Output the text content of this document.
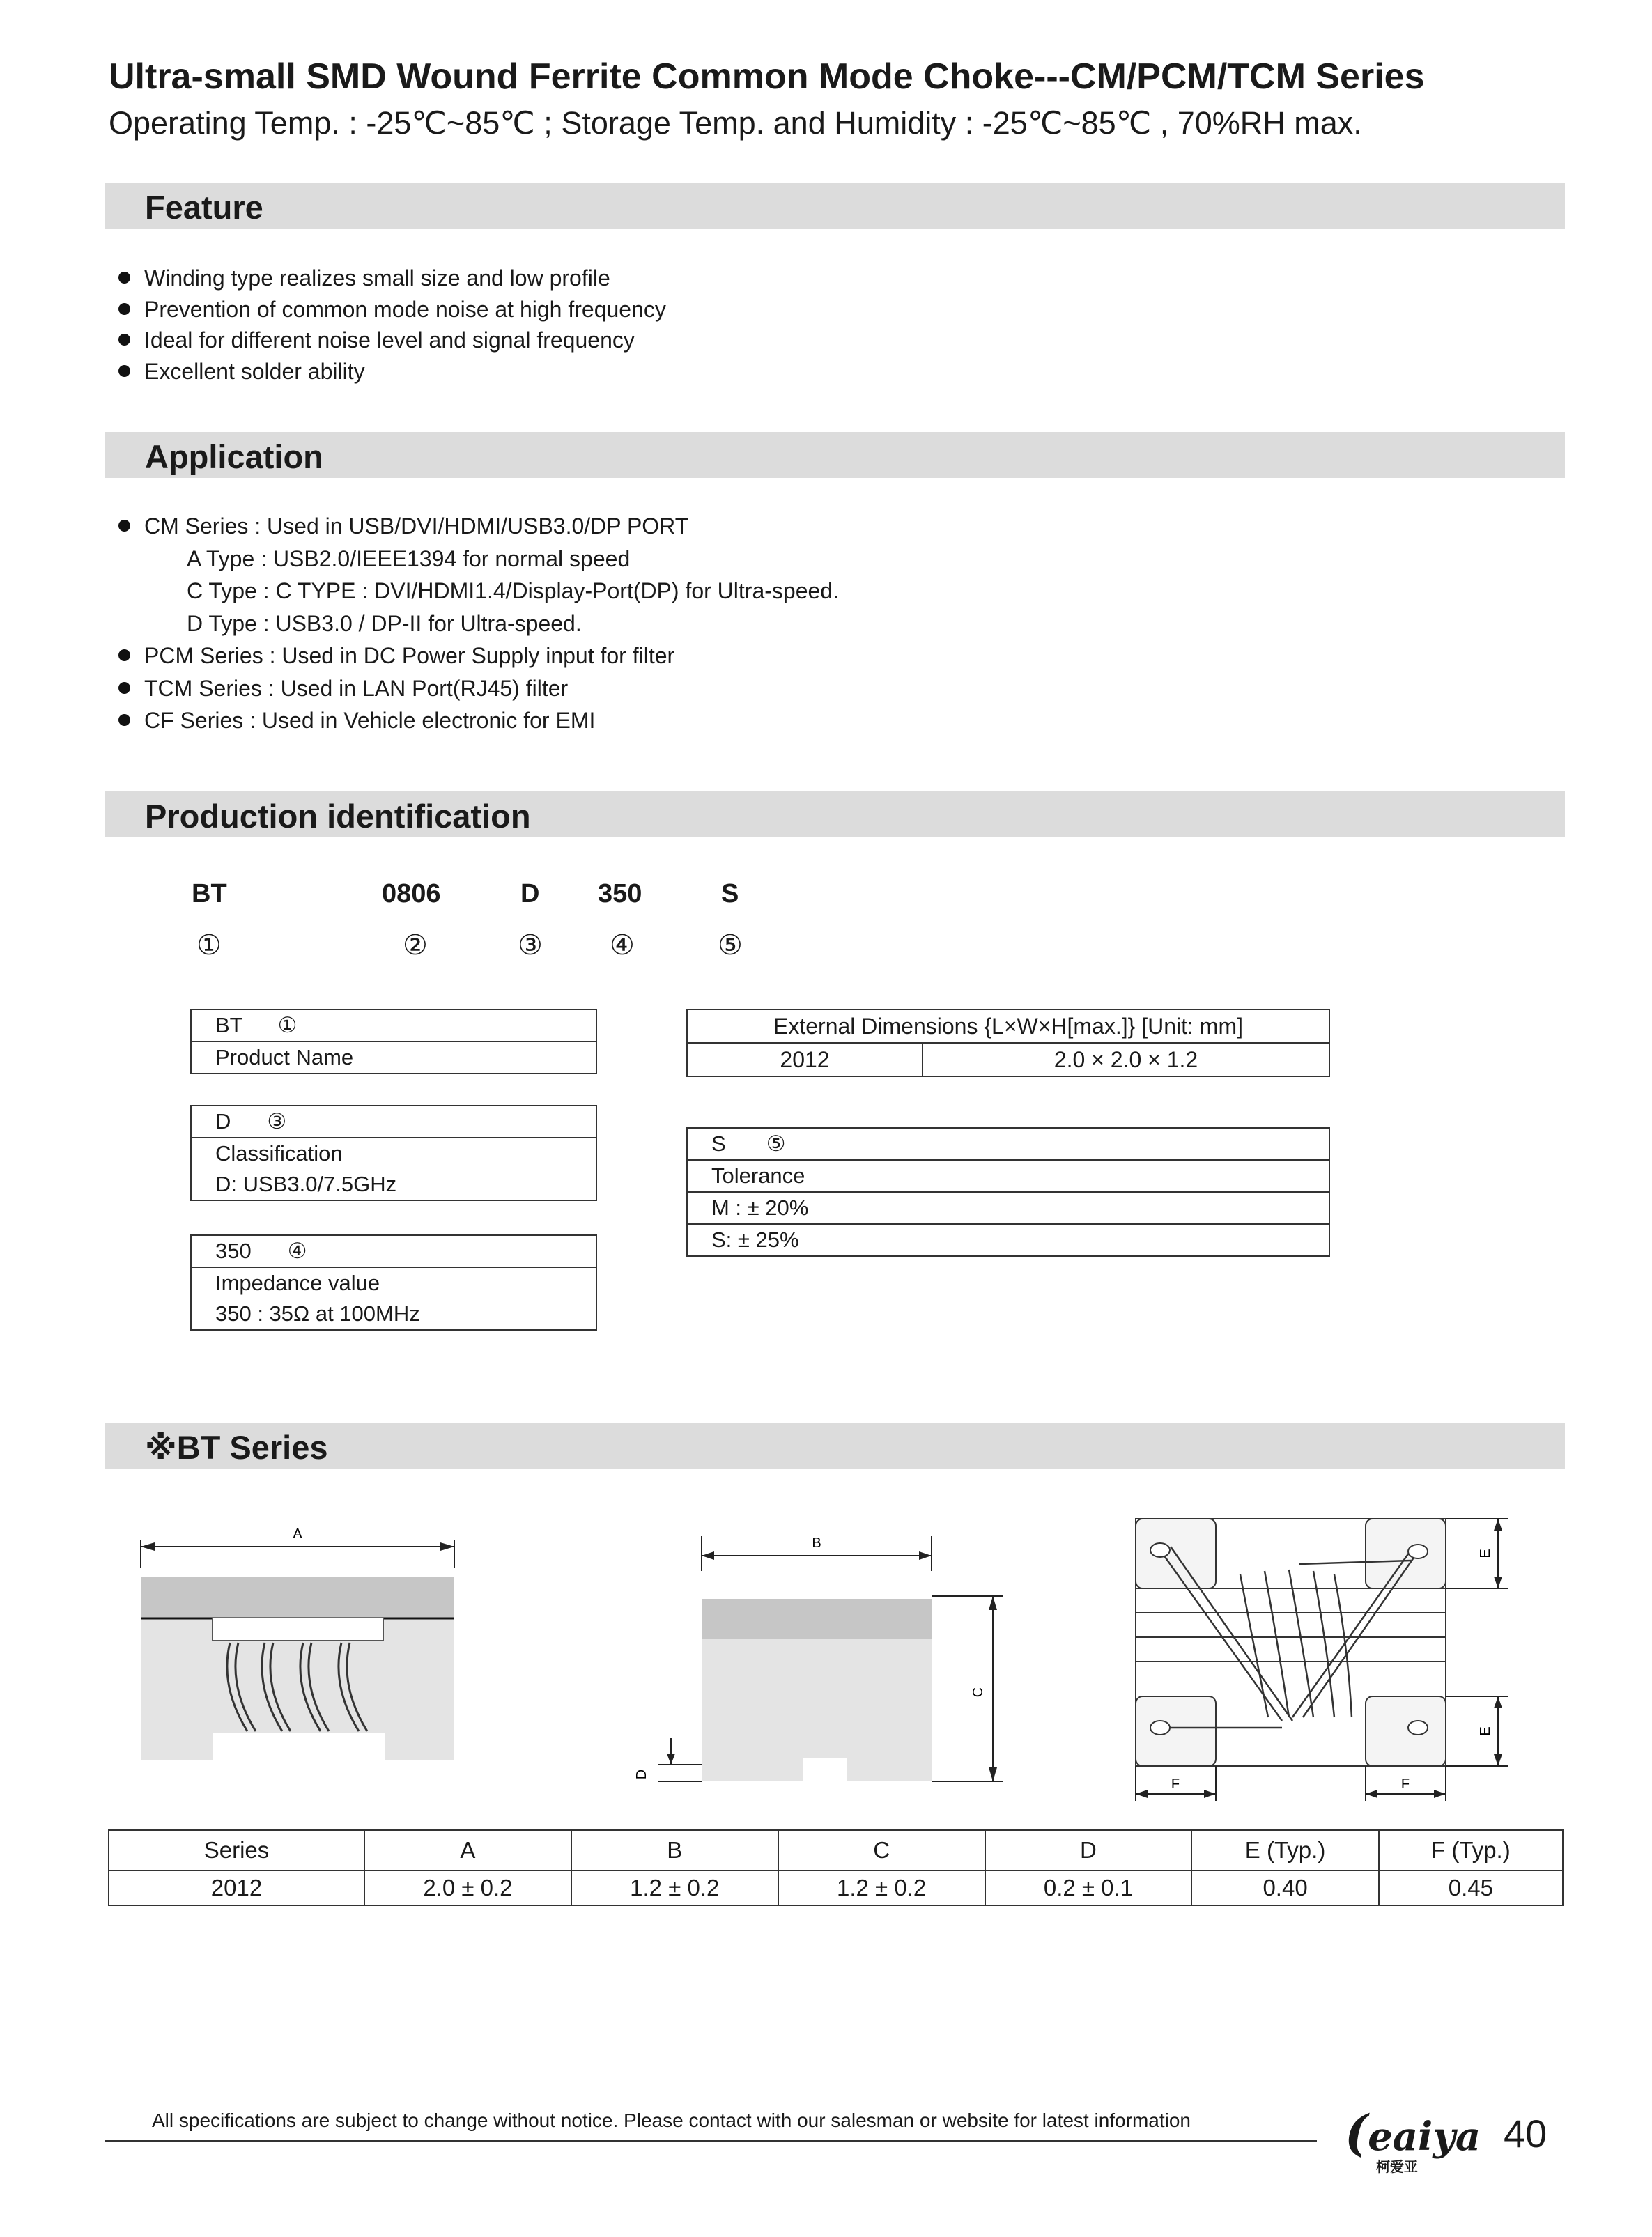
Ultra-small SMD Wound Ferrite Common Mode Choke---CM/PCM/TCM Series
Operating Temp. : -25℃~85℃ ; Storage Temp. and Humidity : -25℃~85℃ , 70%RH max.
Feature
Winding type realizes small size and low profile
Prevention of common mode noise at high frequency
Ideal for different noise level and signal frequency
Excellent solder ability
Application
CM Series : Used in USB/DVI/HDMI/USB3.0/DP PORT
A Type : USB2.0/IEEE1394 for normal speed
C Type : C TYPE : DVI/HDMI1.4/Display-Port(DP) for Ultra-speed.
D Type : USB3.0 / DP-II for Ultra-speed.
PCM Series : Used in DC Power Supply input for filter
TCM Series : Used in LAN Port(RJ45) filter
CF Series : Used in Vehicle electronic for EMI
Production identification
BT	0806	D 350	S
①	②	③ ④	⑤
BT ①
Product Name
D ③
Classification
D: USB3.0/7.5GHz
350 ④
Impedance value
350 : 35Ω at 100MHz
External Dimensions {L×W×H[max.]} [Unit: mm]
2012	2.0 × 2.0 × 1.2
S ⑤
Tolerance
M : ± 20%
S: ± 25%
※BT Series
A
B
C
D
E
E
F	F
Series	A	B	C	D	E (Typ.)	F (Typ.)
2012	2.0 ± 0.2	1.2 ± 0.2	1.2 ± 0.2	0.2 ± 0.1	0.40	0.45
All specifications are subject to change without notice. Please contact with our salesman or website for latest information	(eaiya
柯爱亚
40
